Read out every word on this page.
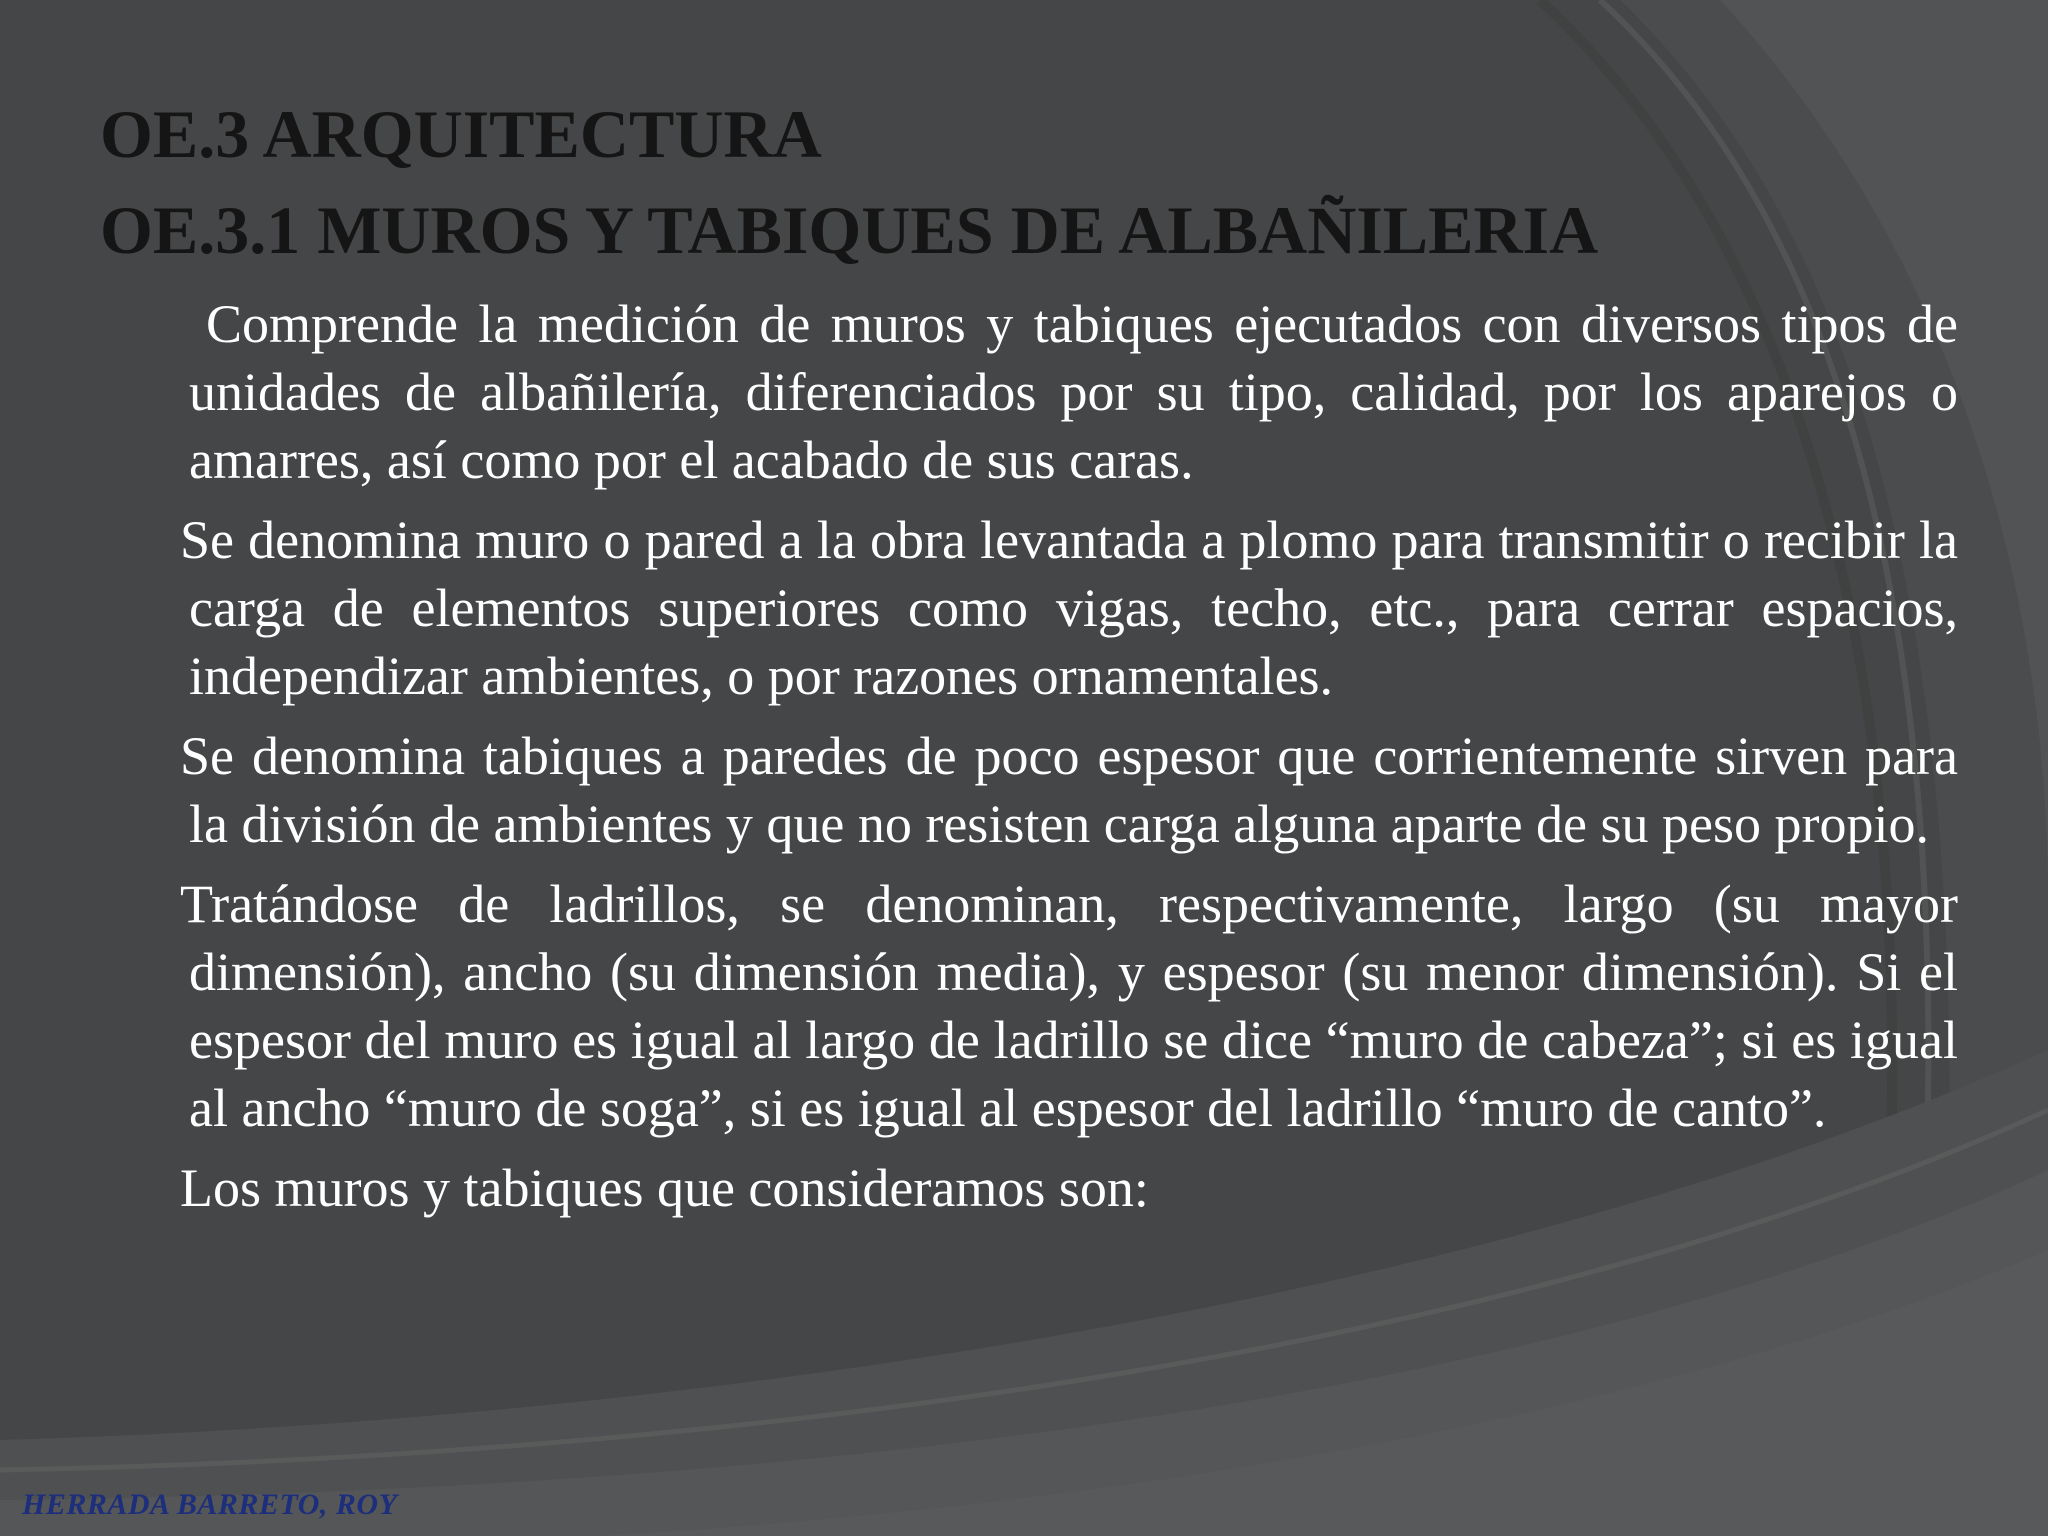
OE.3 ARQUITECTURA
OE.3.1 MUROS Y TABIQUES DE ALBAÑILERIA

Comprende la medición de muros y tabiques ejecutados con diversos tipos de unidades de albañilería, diferenciados por su tipo, calidad, por los aparejos o amarres, así como por el acabado de sus caras.

Se denomina muro o pared a la obra levantada a plomo para transmitir o recibir la carga de elementos superiores como vigas, techo, etc., para cerrar espacios, independizar ambientes, o por razones ornamentales.

Se denomina tabiques a paredes de poco espesor que corrientemente sirven para la división de ambientes y que no resisten carga alguna aparte de su peso propio.

Tratándose de ladrillos, se denominan, respectivamente, largo (su mayor dimensión), ancho (su dimensión media), y espesor (su menor dimensión). Si el espesor del muro es igual al largo de ladrillo se dice “muro de cabeza”; si es igual al ancho “muro de soga”, si es igual al espesor del ladrillo “muro de canto”.

Los muros y tabiques que consideramos son:

HERRADA BARRETO, ROY
